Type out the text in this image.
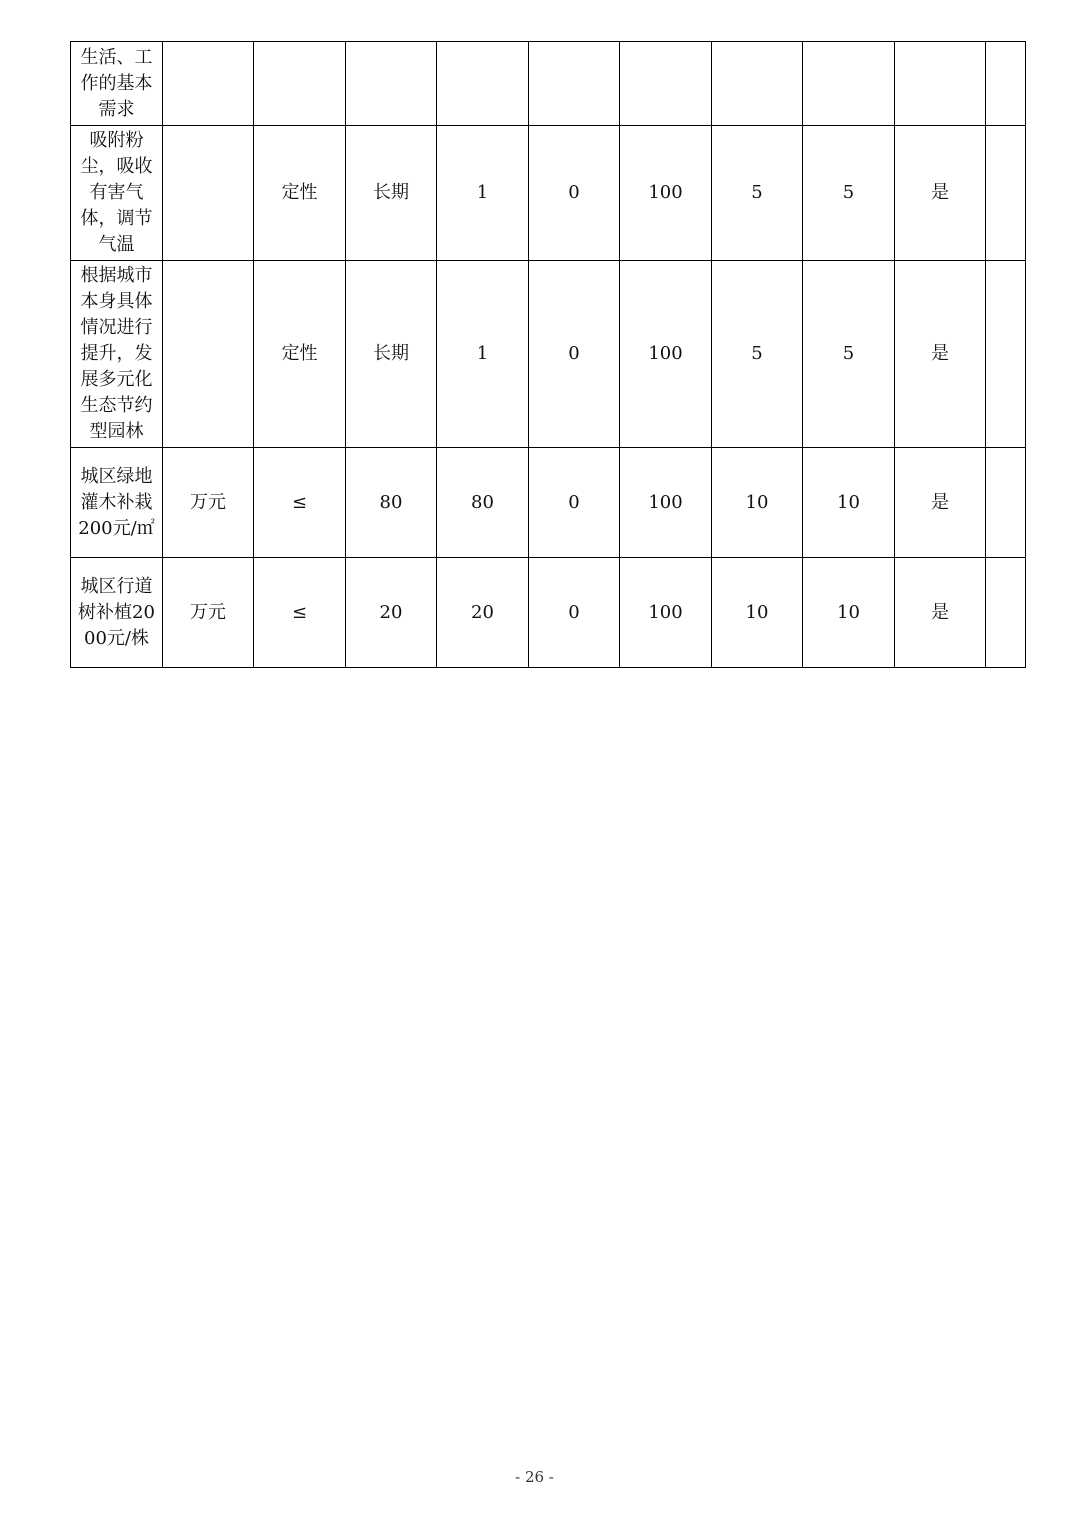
生活、工作的基本需求										
吸附粉尘，吸收有害气体，调节气温		定性	长期	1	0	100	5	5	是	
根据城市本身具体情况进行提升，发展多元化生态节约型园林		定性	长期	1	0	100	5	5	是	
城区绿地灌木补栽200元/㎡	万元	≤	80	80	0	100	10	10	是	
城区行道树补植2000元/株	万元	≤	20	20	0	100	10	10	是	
- 26 -
